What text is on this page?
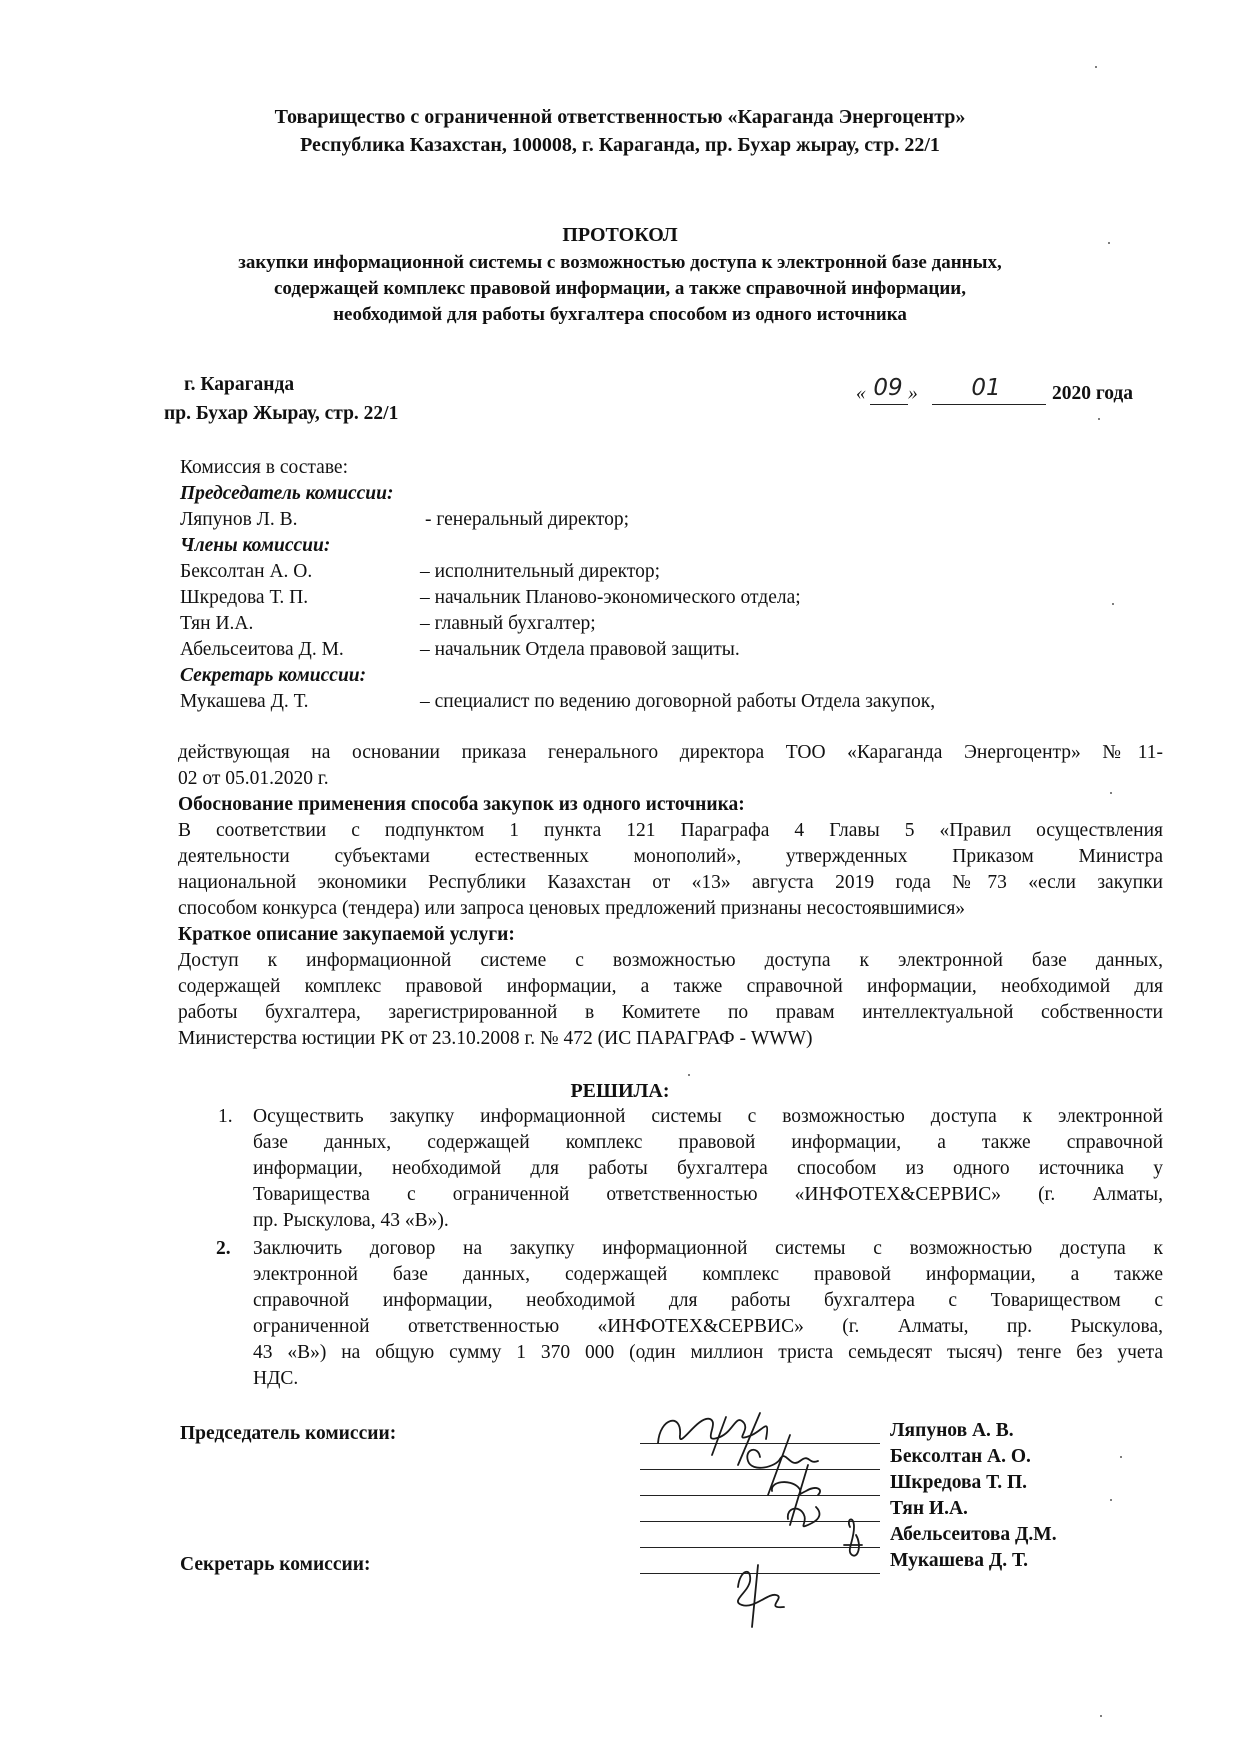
Товарищество с ограниченной ответственностью «Караганда Энергоцентр»
Республика Казахстан, 100008, г. Караганда, пр. Бухар жырау, стр. 22/1
ПРОТОКОЛ
закупки информационной системы с возможностью доступа к электронной базе данных,
содержащей комплекс правовой информации, а также справочной информации,
необходимой для работы бухгалтера способом из одного источника
г. Караганда
пр. Бухар Жырау, стр. 22/1
« 09 »	01	2020 года
Комиссия в составе:
Председатель комиссии:
Ляпунов Л. В.	- генеральный директор;
Члены комиссии:
Бексолтан А. О.	– исполнительный директор;
Шкредова Т. П.	– начальник Планово-экономического отдела;
Тян И.А.	– главный бухгалтер;
Абельсеитова Д. М.	– начальник Отдела правовой защиты.
Секретарь комиссии:
Мукашева Д. Т.	– специалист по ведению договорной работы Отдела закупок,
действующая на основании приказа генерального директора ТОО «Караганда Энергоцентр» №11-
02 от 05.01.2020 г.
Обоснование применения способа закупок из одного источника:
В соответствии с подпунктом 1 пункта 121 Параграфа 4 Главы 5 «Правил осуществления
деятельности субъектами естественных монополий», утвержденных Приказом Министра
национальной экономики Республики Казахстан от «13» августа 2019 года №73 «если закупки
способом конкурса (тендера) или запроса ценовых предложений признаны несостоявшимися»
Краткое описание закупаемой услуги:
Доступ к информационной системе с возможностью доступа к электронной базе данных,
содержащей комплекс правовой информации, а также справочной информации, необходимой для
работы бухгалтера, зарегистрированной в Комитете по правам интеллектуальной собственности
Министерства юстиции РК от 23.10.2008 г. № 472 (ИС ПАРАГРАФ - WWW)
РЕШИЛА:
1. Осуществить закупку информационной системы с возможностью доступа к электронной
базе данных, содержащей комплекс правовой информации, а также справочной
информации, необходимой для работы бухгалтера способом из одного источника у
Товарищества с ограниченной ответственностью «ИНФОТЕХ&СЕРВИС» (г. Алматы,
пр. Рыскулова, 43 «В»).
2. Заключить договор на закупку информационной системы с возможностью доступа к
электронной базе данных, содержащей комплекс правовой информации, а также
справочной информации, необходимой для работы бухгалтера с Товариществом с
ограниченной ответственностью «ИНФОТЕХ&СЕРВИС» (г. Алматы, пр. Рыскулова,
43 «В») на общую сумму 1 370 000 (один миллион триста семьдесят тысяч) тенге без учета
НДС.
Председатель комиссии:
Секретарь комиссии:
Ляпунов А. В.
Бексолтан А. О.
Шкредова Т. П.
Тян И.А.
Абельсеитова Д.М.
Мукашева Д. Т.
